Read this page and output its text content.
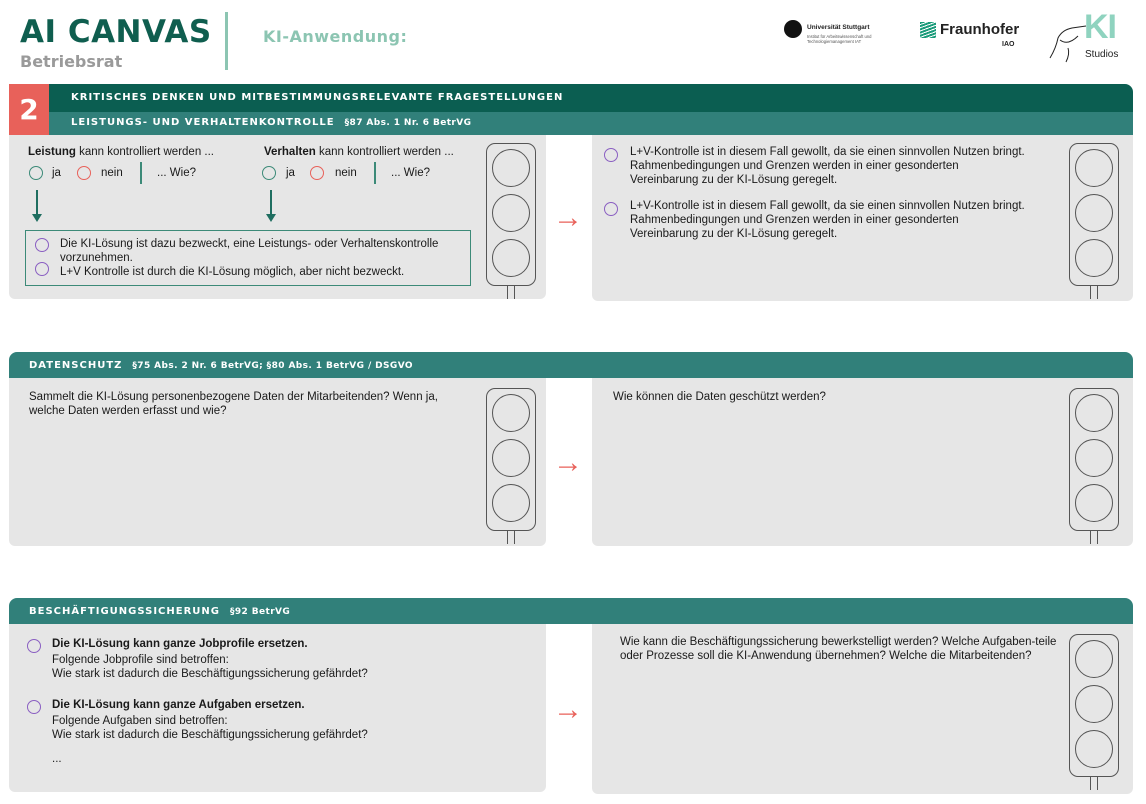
AI CANVAS
Betriebsrat
KI-Anwendung:	Universität Stuttgart
Institut für Arbeitswissenschaft und Technologiemanagement IAT
Fraunhofer
IAO KI
Studios
2	KRITISCHES DENKEN UND MITBESTIMMUNGSRELEVANTE FRAGESTELLUNGEN
LEISTUNGS- UND VERHALTENKONTROLLE §87 Abs. 1 Nr. 6 BetrVG
Leistung kann kontrolliert werden ...	Verhalten kann kontrolliert werden ...
ja	nein	... Wie?	ja	nein	... Wie?
Die KI-Lösung ist dazu bezweckt, eine Leistungs- oder Verhaltenskontrolle vorzunehmen.
L+V Kontrolle ist durch die KI-Lösung möglich, aber nicht bezweckt.
→
L+V-Kontrolle ist in diesem Fall gewollt, da sie einen sinnvollen Nutzen bringt. Rahmenbedingungen und Grenzen werden in einer gesonderten Vereinbarung zu der KI-Lösung geregelt.
L+V-Kontrolle ist in diesem Fall gewollt, da sie einen sinnvollen Nutzen bringt. Rahmenbedingungen und Grenzen werden in einer gesonderten Vereinbarung zu der KI-Lösung geregelt.
DATENSCHUTZ §75 Abs. 2 Nr. 6 BetrVG; §80 Abs. 1 BetrVG / DSGVO
Sammelt die KI-Lösung personenbezogene Daten der Mitarbeitenden? Wenn ja, welche Daten werden erfasst und wie?
→
Wie können die Daten geschützt werden?
BESCHÄFTIGUNGSSICHERUNG §92 BetrVG
Die KI-Lösung kann ganze Jobprofile ersetzen.
Folgende Jobprofile sind betroffen:
Wie stark ist dadurch die Beschäftigungssicherung gefährdet?
Die KI-Lösung kann ganze Aufgaben ersetzen.
Folgende Aufgaben sind betroffen:
Wie stark ist dadurch die Beschäftigungssicherung gefährdet?
...
→
Wie kann die Beschäftigungssicherung bewerkstelligt werden? Welche Aufgaben-teile oder Prozesse soll die KI-Anwendung übernehmen? Welche die Mitarbeitenden?
